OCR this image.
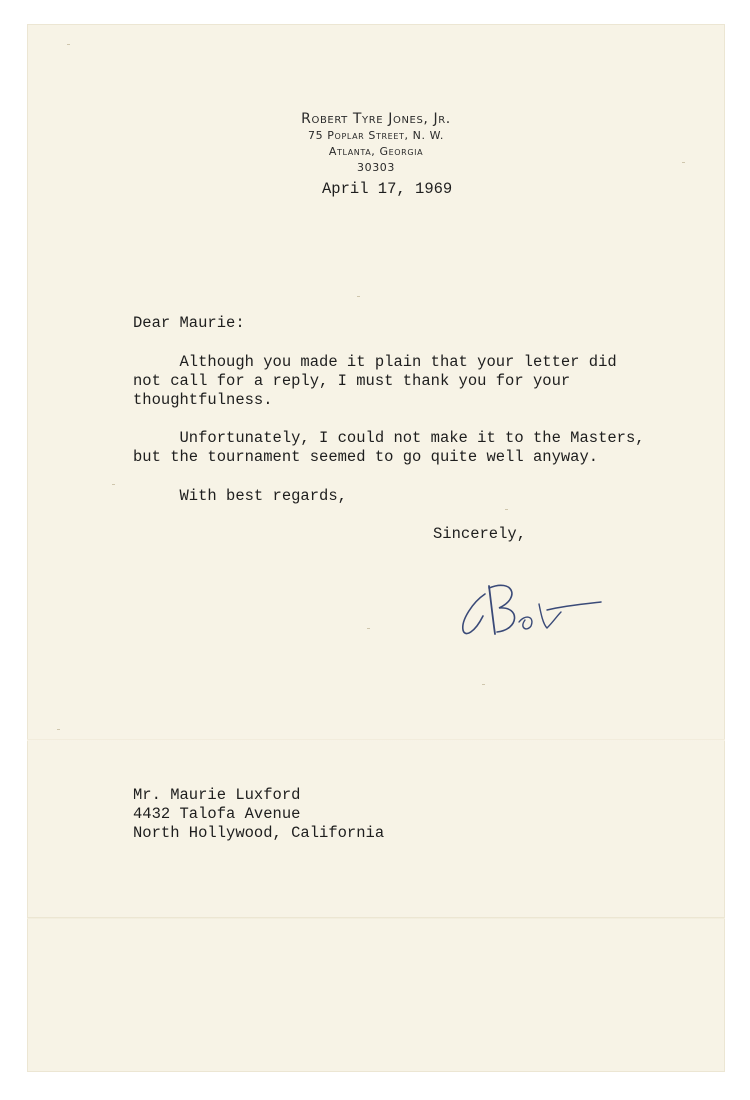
Robert Tyre Jones, Jr.
75 Poplar Street, N. W.
Atlanta, Georgia
30303
April 17, 1969
Dear Maurie:
Although you made it plain that your letter did
not call for a reply, I must thank you for your
thoughtfulness.
Unfortunately, I could not make it to the Masters,
but the tournament seemed to go quite well anyway.
With best regards,
Sincerely,
Mr. Maurie Luxford
4432 Talofa Avenue
North Hollywood, California
